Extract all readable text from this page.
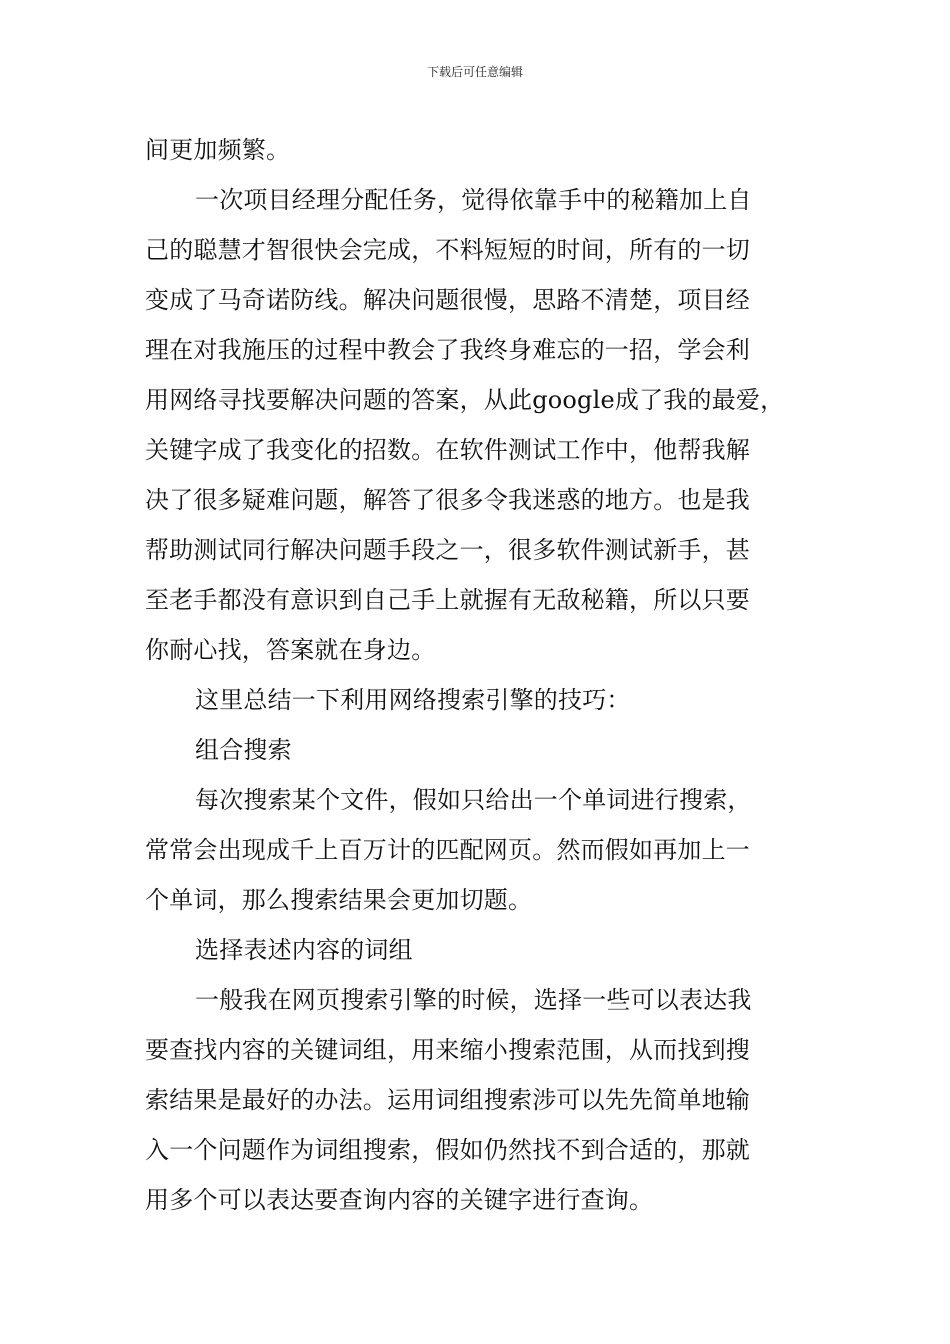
下载后可任意编辑
间更加频繁。
一次项目经理分配任务，觉得依靠手中的秘籍加上自
己的聪慧才智很快会完成，不料短短的时间，所有的一切
变成了马奇诺防线。解决问题很慢，思路不清楚，项目经
理在对我施压的过程中教会了我终身难忘的一招，学会利
用网络寻找要解决问题的答案，从此google成了我的最爱，
关键字成了我变化的招数。在软件测试工作中，他帮我解
决了很多疑难问题，解答了很多令我迷惑的地方。也是我
帮助测试同行解决问题手段之一，很多软件测试新手，甚
至老手都没有意识到自己手上就握有无敌秘籍，所以只要
你耐心找，答案就在身边。
这里总结一下利用网络搜索引擎的技巧：
组合搜索
每次搜索某个文件，假如只给出一个单词进行搜索，
常常会出现成千上百万计的匹配网页。然而假如再加上一
个单词，那么搜索结果会更加切题。
选择表述内容的词组
一般我在网页搜索引擎的时候，选择一些可以表达我
要查找内容的关键词组，用来缩小搜索范围，从而找到搜
索结果是最好的办法。运用词组搜索涉可以先先简单地输
入一个问题作为词组搜索，假如仍然找不到合适的，那就
用多个可以表达要查询内容的关键字进行查询。
